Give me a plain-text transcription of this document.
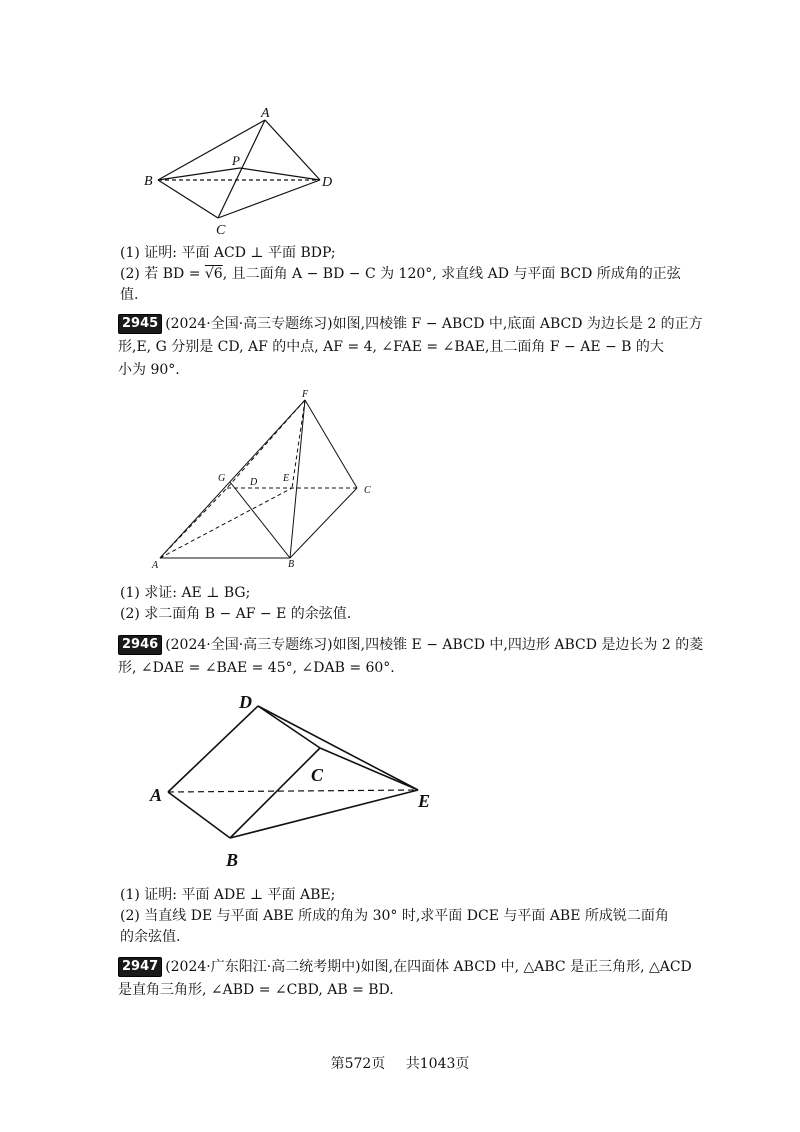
A
B
C
D
P
(1) 证明: 平面 ACD ⊥ 平面 BDP;
(2) 若 BD = √6, 且二面角 A − BD − C 为 120°, 求直线 AD 与平面 BCD 所成角的正弦
值.
2945 (2024·全国·高三专题练习)如图,四棱锥 F − ABCD 中,底面 ABCD 为边长是 2 的正方
形,E, G 分别是 CD, AF 的中点, AF = 4, ∠FAE = ∠BAE,且二面角 F − AE − B 的大
小为 90°.
F
G D	E
C
A	B
(1) 求证: AE ⊥ BG;
(2) 求二面角 B − AF − E 的余弦值.
2946 (2024·全国·高三专题练习)如图,四棱锥 E − ABCD 中,四边形 ABCD 是边长为 2 的菱
形, ∠DAE = ∠BAE = 45°, ∠DAB = 60°.
D
C
A	E
B
(1) 证明: 平面 ADE ⊥ 平面 ABE;
(2) 当直线 DE 与平面 ABE 所成的角为 30° 时,求平面 DCE 与平面 ABE 所成锐二面角
的余弦值.
2947 (2024·广东阳江·高二统考期中)如图,在四面体 ABCD 中, △ABC 是正三角形, △ACD
是直角三角形, ∠ABD = ∠CBD, AB = BD.
第572页 共1043页
